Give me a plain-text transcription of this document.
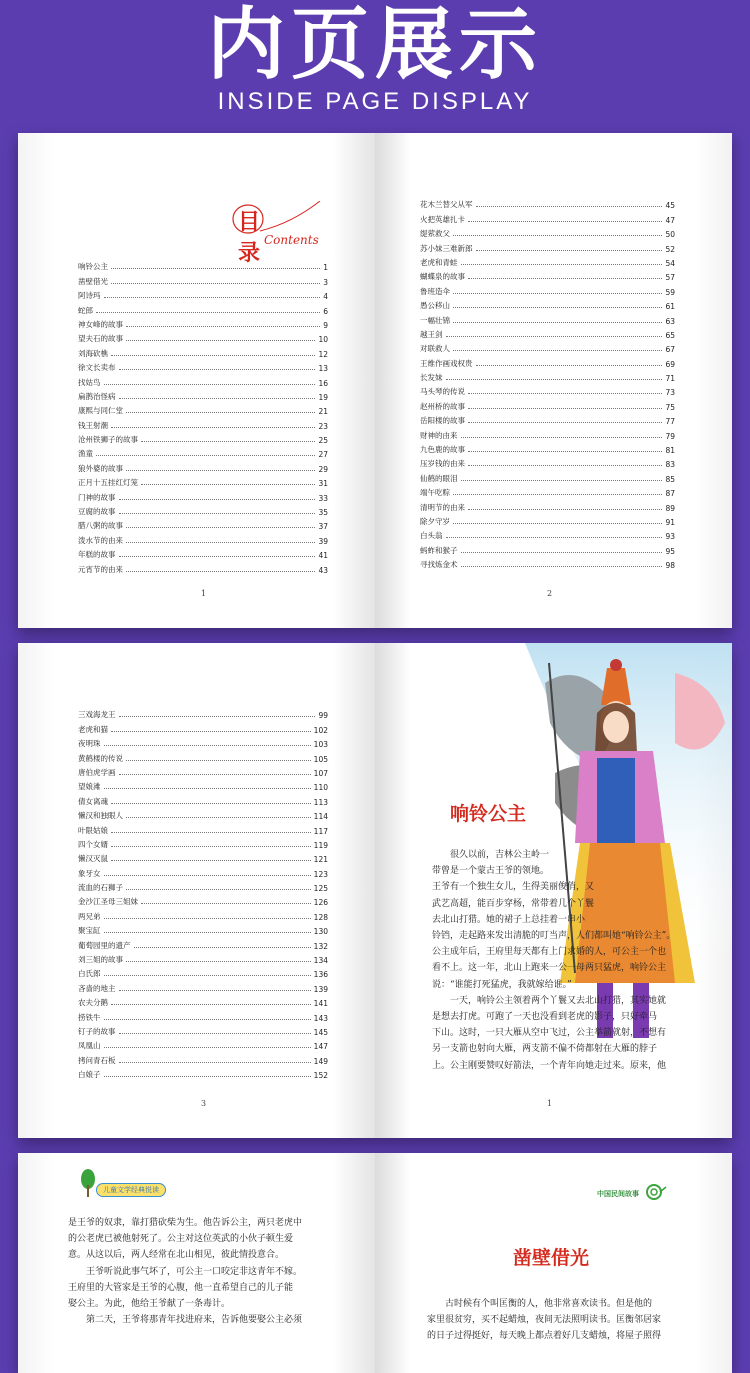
内页展示
INSIDE PAGE DISPLAY
目录
Contents
响铃公主	1
凿壁借光	3
阿诗玛	4
蛇郎	6
神女峰的故事	9
望夫石的故事	10
刘海砍樵	12
徐文长卖布	13
找姑鸟	16
扁鹊治怪病	19
康熙与同仁堂	21
钱王射潮	23
沧州铁狮子的故事	25
渔童	27
狼外婆的故事	29
正月十五挂红灯笼	31
门神的故事	33
豆腐的故事	35
腊八粥的故事	37
泼水节的由来	39
年糕的故事	41
元宵节的由来	43
1
花木兰替父从军	45
火把英雄扎卡	47
缇萦救父	50
苏小妹三难新郎	52
老虎和青蛙	54
蝴蝶泉的故事	57
鲁班造伞	59
愚公移山	61
一幅壮锦	63
越王剑	65
对联救人	67
王维作画戏权贵	69
长发妹	71
马头琴的传说	73
赵州桥的故事	75
岳阳楼的故事	77
财神的由来	79
九色鹿的故事	81
压岁钱的由来	83
仙鹤的眼泪	85
端午吃粽	87
清明节的由来	89
除夕守岁	91
白头翁	93
蚂蚱和猴子	95
寻找炼金术	98
2
三戏海龙王	99
老虎和猫	102
夜明珠	103
黄鹤楼的传说	105
唐伯虎学画	107
望娘滩	110
倩女离魂	113
懒汉和独眼人	114
叶限姑娘	117
四个女婿	119
懒汉灭鼠	121
象牙女	123
流血的石狮子	125
金沙江圣母三姐妹	126
两兄弟	128
聚宝缸	130
葡萄园里的遗产	132
刘三姐的故事	134
白氏郎	136
吝啬的地主	139
农夫分鹅	141
捞铁牛	143
钉子的故事	145
凤凰山	147
拷问青石板	149
白娘子	152
3
响铃公主

很久以前，吉林公主岭一

带曾是一个蒙古王爷的领地。

王爷有一个独生女儿，生得美丽俊俏，又

武艺高超，能百步穿杨，常带着几个丫鬟

去北山打猎。她的裙子上总挂着一串小

铃铛，走起路来发出清脆的叮当声，人们都叫她“响铃公主”。

公主成年后，王府里每天都有上门求婚的人，可公主一个也

看不上。这一年，北山上跑来一公一母两只猛虎，响铃公主

说：“谁能打死猛虎，我就嫁给谁。”

一天，响铃公主领着两个丫鬟又去北山打猎，其实她就

是想去打虎。可跑了一天也没看到老虎的影子，只好牵马

下山。这时，一只大雁从空中飞过，公主举箭就射，不想有

另一支箭也射向大雁，两支箭不偏不倚都射在大雁的脖子

上。公主刚要赞叹好箭法，一个青年向她走过来。原来，他

1
儿童文学经典悦读

是王爷的奴隶，靠打猎砍柴为生。他告诉公主，两只老虎中

的公老虎已被他射死了。公主对这位英武的小伙子顿生爱

意。从这以后，两人经常在北山相见，彼此情投意合。

王爷听说此事气坏了，可公主一口咬定非这青年不嫁。

王府里的大管家是王爷的心腹，他一直希望自己的儿子能

娶公主。为此，他给王爷献了一条毒计。

第二天，王爷将那青年找进府来，告诉他要娶公主必须

中国民间故事
凿壁借光

古时候有个叫匡衡的人，他非常喜欢读书。但是他的

家里很贫穷，买不起蜡烛，夜间无法照明读书。匡衡邻居家

的日子过得挺好，每天晚上都点着好几支蜡烛，将屋子照得
